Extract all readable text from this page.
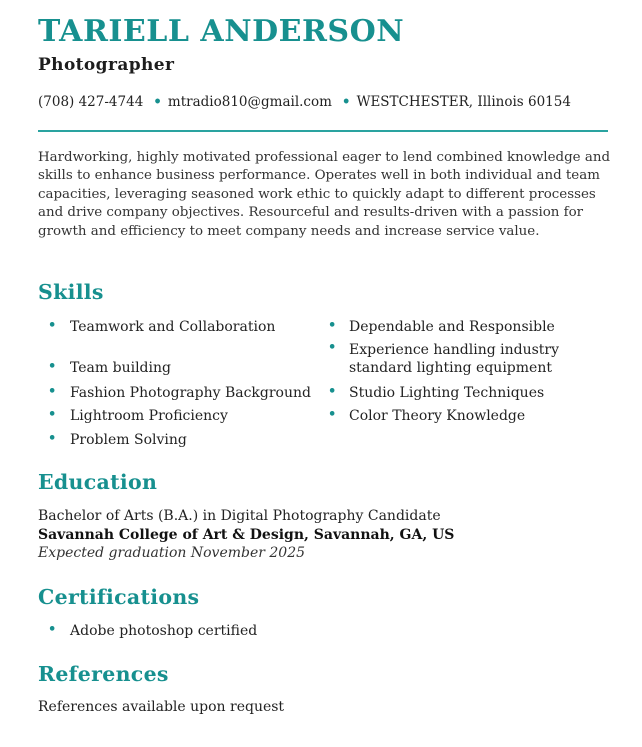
TARIELL ANDERSON
Photographer
(708) 427-4744 • mtradio810@gmail.com • WESTCHESTER, Illinois 60154
Hardworking, highly motivated professional eager to lend combined knowledge and skills to enhance business performance. Operates well in both individual and team capacities, leveraging seasoned work ethic to quickly adapt to different processes and drive company objectives. Resourceful and results-driven with a passion for growth and efficiency to meet company needs and increase service value.
Skills
• Teamwork and Collaboration	• Dependable and Responsible
• Team building
• Experience handling industry standard lighting equipment
• Fashion Photography Background	• Studio Lighting Techniques
• Lightroom Proficiency	• Color Theory Knowledge
• Problem Solving
Education
Bachelor of Arts (B.A.) in Digital Photography Candidate
Savannah College of Art & Design, Savannah, GA, US
Expected graduation November 2025
Certifications
• Adobe photoshop certified
References
References available upon request
